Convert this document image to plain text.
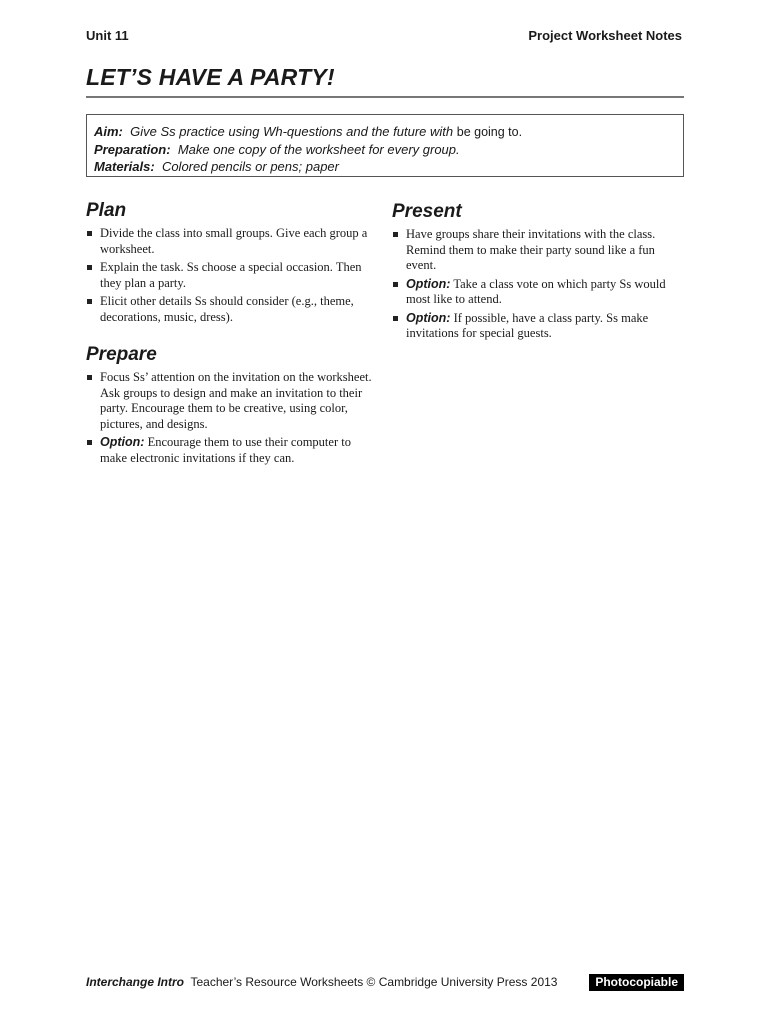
Unit 11	Project Worksheet Notes
LET’S HAVE A PARTY!
Aim: Give Ss practice using Wh-questions and the future with be going to.
Preparation: Make one copy of the worksheet for every group.
Materials: Colored pencils or pens; paper
Plan
Divide the class into small groups. Give each group a worksheet.
Explain the task. Ss choose a special occasion. Then they plan a party.
Elicit other details Ss should consider (e.g., theme, decorations, music, dress).
Prepare
Focus Ss’ attention on the invitation on the worksheet. Ask groups to design and make an invitation to their party. Encourage them to be creative, using color, pictures, and designs.
Option: Encourage them to use their computer to make electronic invitations if they can.
Present
Have groups share their invitations with the class. Remind them to make their party sound like a fun event.
Option: Take a class vote on which party Ss would most like to attend.
Option: If possible, have a class party. Ss make invitations for special guests.
Interchange Intro Teacher’s Resource Worksheets © Cambridge University Press 2013	Photocopiable
